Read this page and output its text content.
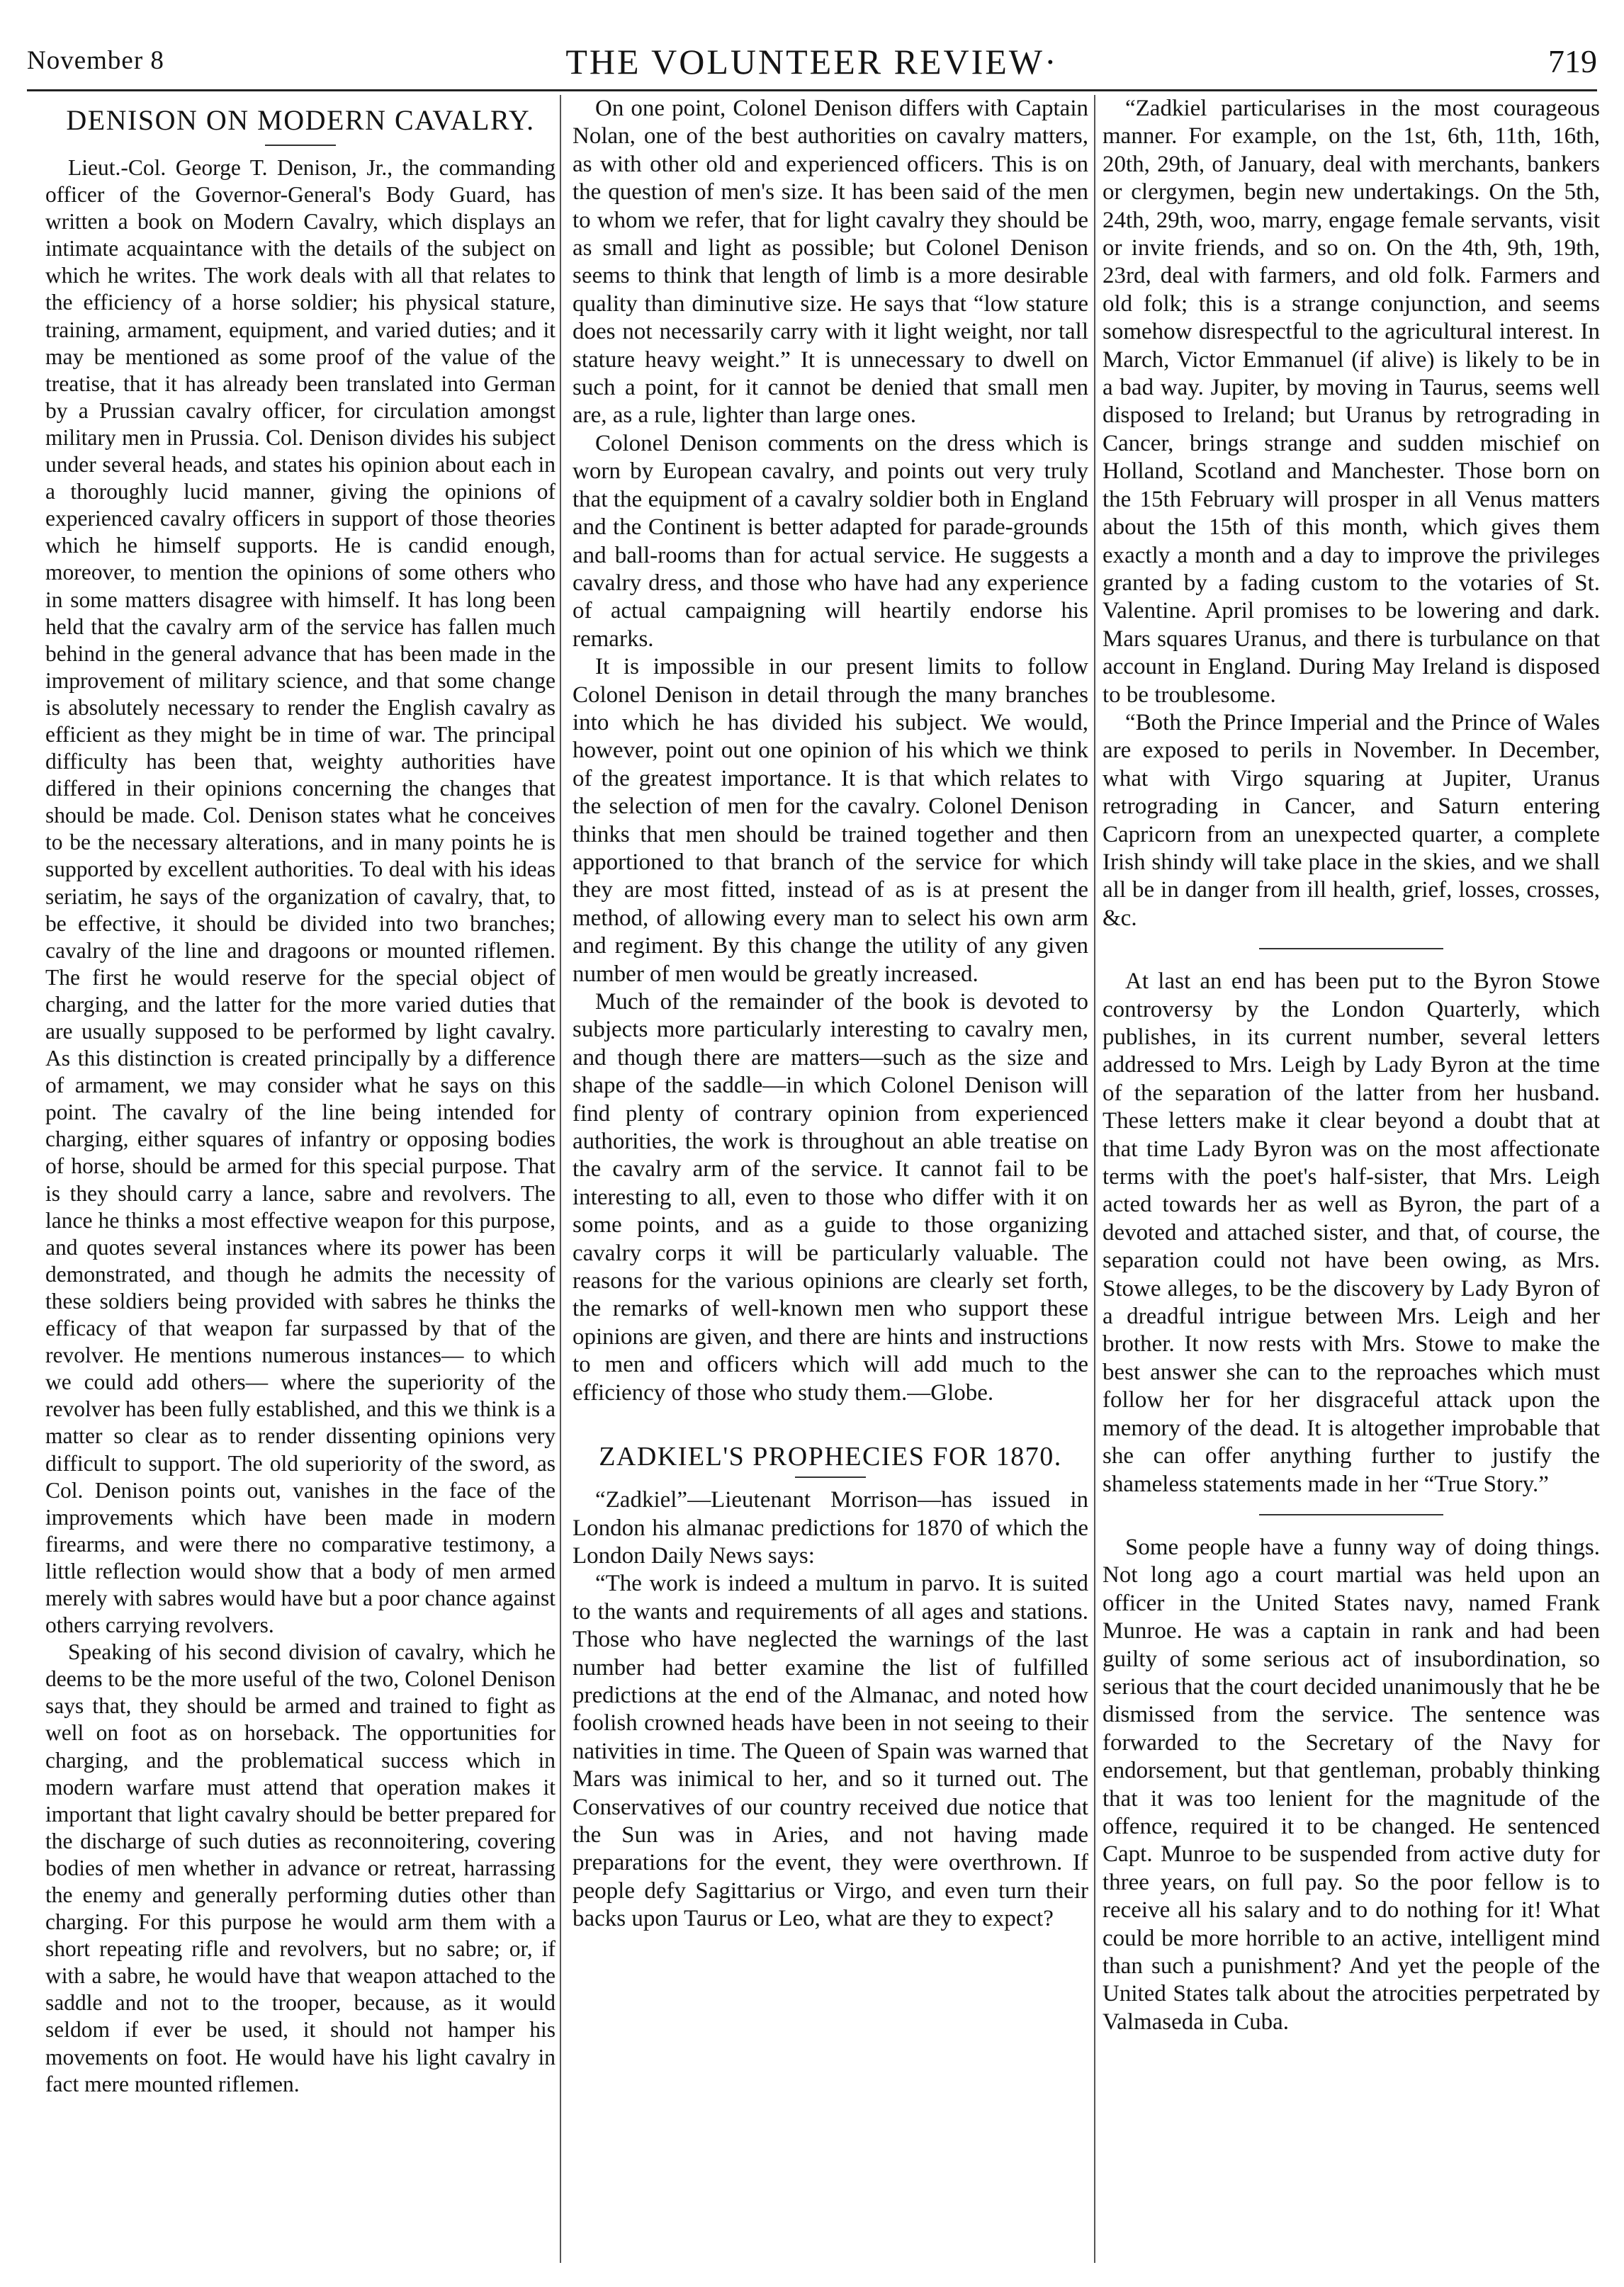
November 8	THE VOLUNTEER REVIEW·	719
DENISON ON MODERN CAVALRY.

Lieut.-Col. George T. Denison, Jr., the commanding officer of the Governor-General's Body Guard, has written a book on Modern Cavalry, which displays an intimate acquaintance with the details of the subject on which he writes. The work deals with all that relates to the efficiency of a horse soldier; his physical stature, training, armament, equipment, and varied duties; and it may be mentioned as some proof of the value of the treatise, that it has already been translated into German by a Prussian cavalry officer, for circulation amongst military men in Prussia. Col. Denison divides his subject under several heads, and states his opinion about each in a thoroughly lucid manner, giving the opinions of experienced cavalry officers in support of those theories which he himself supports. He is candid enough, moreover, to mention the opinions of some others who in some matters disagree with himself. It has long been held that the cavalry arm of the service has fallen much behind in the general advance that has been made in the improvement of military science, and that some change is absolutely necessary to render the English cavalry as efficient as they might be in time of war. The principal difficulty has been that, weighty authorities have differed in their opinions concerning the changes that should be made. Col. Denison states what he conceives to be the necessary alterations, and in many points he is supported by excellent authorities. To deal with his ideas seriatim, he says of the organization of cavalry, that, to be effective, it should be divided into two branches; cavalry of the line and dragoons or mounted riflemen. The first he would reserve for the special object of charging, and the latter for the more varied duties that are usually supposed to be performed by light cavalry. As this distinction is created principally by a difference of armament, we may consider what he says on this point. The cavalry of the line being intended for charging, either squares of infantry or opposing bodies of horse, should be armed for this special purpose. That is they should carry a lance, sabre and revolvers. The lance he thinks a most effective weapon for this purpose, and quotes several instances where its power has been demonstrated, and though he admits the necessity of these soldiers being provided with sabres he thinks the efficacy of that weapon far surpassed by that of the revolver. He mentions numerous instances— to which we could add others— where the superiority of the revolver has been fully established, and this we think is a matter so clear as to render dissenting opinions very difficult to support. The old superiority of the sword, as Col. Denison points out, vanishes in the face of the improvements which have been made in modern firearms, and were there no comparative testimony, a little reflection would show that a body of men armed merely with sabres would have but a poor chance against others carrying revolvers.

Speaking of his second division of cavalry, which he deems to be the more useful of the two, Colonel Denison says that, they should be armed and trained to fight as well on foot as on horseback. The opportunities for charging, and the problematical success which in modern warfare must attend that operation makes it important that light cavalry should be better prepared for the discharge of such duties as reconnoitering, covering bodies of men whether in advance or retreat, harrassing the enemy and generally performing duties other than charging. For this purpose he would arm them with a short repeating rifle and revolvers, but no sabre; or, if with a sabre, he would have that weapon attached to the saddle and not to the trooper, because, as it would seldom if ever be used, it should not hamper his movements on foot. He would have his light cavalry in fact mere mounted riflemen.

On one point, Colonel Denison differs with Captain Nolan, one of the best authorities on cavalry matters, as with other old and experienced officers. This is on the question of men's size. It has been said of the men to whom we refer, that for light cavalry they should be as small and light as possible; but Colonel Denison seems to think that length of limb is a more desirable quality than diminutive size. He says that “low stature does not necessarily carry with it light weight, nor tall stature heavy weight.” It is unnecessary to dwell on such a point, for it cannot be denied that small men are, as a rule, lighter than large ones.

Colonel Denison comments on the dress which is worn by European cavalry, and points out very truly that the equipment of a cavalry soldier both in England and the Continent is better adapted for parade-grounds and ball-rooms than for actual service. He suggests a cavalry dress, and those who have had any experience of actual campaigning will heartily endorse his remarks.

It is impossible in our present limits to follow Colonel Denison in detail through the many branches into which he has divided his subject. We would, however, point out one opinion of his which we think of the greatest importance. It is that which relates to the selection of men for the cavalry. Colonel Denison thinks that men should be trained together and then apportioned to that branch of the service for which they are most fitted, instead of as is at present the method, of allowing every man to select his own arm and regiment. By this change the utility of any given number of men would be greatly increased.

Much of the remainder of the book is devoted to subjects more particularly interesting to cavalry men, and though there are matters—such as the size and shape of the saddle—in which Colonel Denison will find plenty of contrary opinion from experienced authorities, the work is throughout an able treatise on the cavalry arm of the service. It cannot fail to be interesting to all, even to those who differ with it on some points, and as a guide to those organizing cavalry corps it will be particularly valuable. The reasons for the various opinions are clearly set forth, the remarks of well-known men who support these opinions are given, and there are hints and instructions to men and officers which will add much to the efficiency of those who study them.—Globe.

ZADKIEL'S PROPHECIES FOR 1870.

“Zadkiel”—Lieutenant Morrison—has issued in London his almanac predictions for 1870 of which the London Daily News says:

“The work is indeed a multum in parvo. It is suited to the wants and requirements of all ages and stations. Those who have neglected the warnings of the last number had better examine the list of fulfilled predictions at the end of the Almanac, and noted how foolish crowned heads have been in not seeing to their nativities in time. The Queen of Spain was warned that Mars was inimical to her, and so it turned out. The Conservatives of our country received due notice that the Sun was in Aries, and not having made preparations for the event, they were overthrown. If people defy Sagittarius or Virgo, and even turn their backs upon Taurus or Leo, what are they to expect?

“Zadkiel particularises in the most courageous manner. For example, on the 1st, 6th, 11th, 16th, 20th, 29th, of January, deal with merchants, bankers or clergymen, begin new undertakings. On the 5th, 24th, 29th, woo, marry, engage female servants, visit or invite friends, and so on. On the 4th, 9th, 19th, 23rd, deal with farmers, and old folk. Farmers and old folk; this is a strange conjunction, and seems somehow disrespectful to the agricultural interest. In March, Victor Emmanuel (if alive) is likely to be in a bad way. Jupiter, by moving in Taurus, seems well disposed to Ireland; but Uranus by retrograding in Cancer, brings strange and sudden mischief on Holland, Scotland and Manchester. Those born on the 15th February will prosper in all Venus matters about the 15th of this month, which gives them exactly a month and a day to improve the privileges granted by a fading custom to the votaries of St. Valentine. April promises to be lowering and dark. Mars squares Uranus, and there is turbulance on that account in England. During May Ireland is disposed to be troublesome.

“Both the Prince Imperial and the Prince of Wales are exposed to perils in November. In December, what with Virgo squaring at Jupiter, Uranus retrograding in Cancer, and Saturn entering Capricorn from an unexpected quarter, a complete Irish shindy will take place in the skies, and we shall all be in danger from ill health, grief, losses, crosses, &c.

At last an end has been put to the Byron Stowe controversy by the London Quarterly, which publishes, in its current number, several letters addressed to Mrs. Leigh by Lady Byron at the time of the separation of the latter from her husband. These letters make it clear beyond a doubt that at that time Lady Byron was on the most affectionate terms with the poet's half-sister, that Mrs. Leigh acted towards her as well as Byron, the part of a devoted and attached sister, and that, of course, the separation could not have been owing, as Mrs. Stowe alleges, to be the discovery by Lady Byron of a dreadful intrigue between Mrs. Leigh and her brother. It now rests with Mrs. Stowe to make the best answer she can to the reproaches which must follow her for her disgraceful attack upon the memory of the dead. It is altogether improbable that she can offer anything further to justify the shameless statements made in her “True Story.”

Some people have a funny way of doing things. Not long ago a court martial was held upon an officer in the United States navy, named Frank Munroe. He was a captain in rank and had been guilty of some serious act of insubordination, so serious that the court decided unanimously that he be dismissed from the service. The sentence was forwarded to the Secretary of the Navy for endorsement, but that gentleman, probably thinking that it was too lenient for the magnitude of the offence, required it to be changed. He sentenced Capt. Munroe to be suspended from active duty for three years, on full pay. So the poor fellow is to receive all his salary and to do nothing for it! What could be more horrible to an active, intelligent mind than such a punishment? And yet the people of the United States talk about the atrocities perpetrated by Valmaseda in Cuba.
